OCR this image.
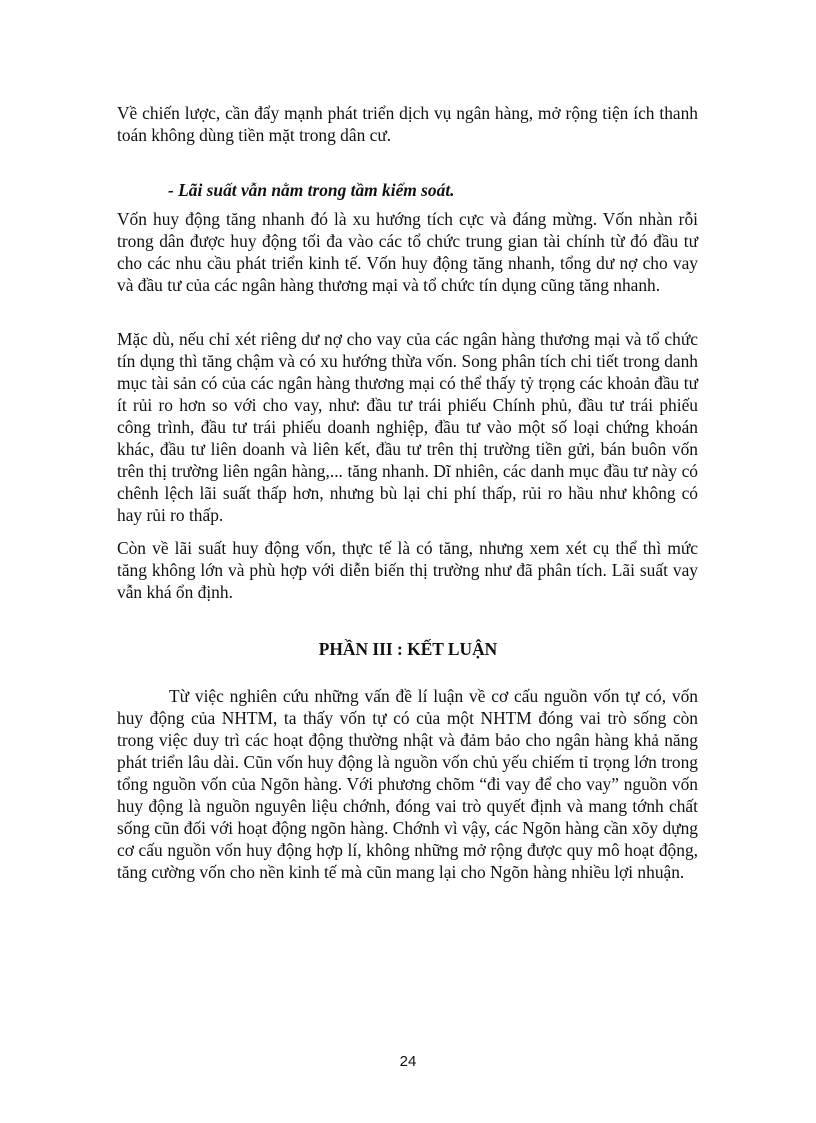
Về chiến lược, cần đẩy mạnh phát triển dịch vụ ngân hàng, mở rộng tiện ích thanh toán không dùng tiền mặt trong dân cư.

- Lãi suất vẫn nằm trong tầm kiểm soát.

Vốn huy động tăng nhanh đó là xu hướng tích cực và đáng mừng. Vốn nhàn rỗi trong dân được huy động tối đa vào các tổ chức trung gian tài chính từ đó đầu tư cho các nhu cầu phát triển kinh tế. Vốn huy động tăng nhanh, tổng dư nợ cho vay và đầu tư của các ngân hàng thương mại và tổ chức tín dụng cũng tăng nhanh.

Mặc dù, nếu chỉ xét riêng dư nợ cho vay của các ngân hàng thương mại và tổ chức tín dụng thì tăng chậm và có xu hướng thừa vốn. Song phân tích chi tiết trong danh mục tài sản có của các ngân hàng thương mại có thể thấy tỷ trọng các khoản đầu tư ít rủi ro hơn so với cho vay, như: đầu tư trái phiếu Chính phủ, đầu tư trái phiếu công trình, đầu tư trái phiếu doanh nghiệp, đầu tư vào một số loại chứng khoán khác, đầu tư liên doanh và liên kết, đầu tư trên thị trường tiền gửi, bán buôn vốn trên thị trường liên ngân hàng,... tăng nhanh. Dĩ nhiên, các danh mục đầu tư này có chênh lệch lãi suất thấp hơn, nhưng bù lại chi phí thấp, rủi ro hầu như không có hay rủi ro thấp.

Còn về lãi suất huy động vốn, thực tế là có tăng, nhưng xem xét cụ thể thì mức tăng không lớn và phù hợp với diễn biến thị trường như đã phân tích. Lãi suất vay vẫn khá ổn định.

PHẦN III : KẾT LUẬN

Từ việc nghiên cứu những vấn đề lí luận về cơ cấu nguồn vốn tự có, vốn huy động của NHTM, ta thấy vốn tự có của một NHTM đóng vai trò sống còn trong việc duy trì các hoạt động thường nhật và đảm bảo cho ngân hàng khả năng phát triển lâu dài. Cũn vốn huy động là nguồn vốn chủ yếu chiếm tỉ trọng lớn trong tổng nguồn vốn của Ngõn hàng. Với phương chõm “đi vay để cho vay” nguồn vốn huy động là nguồn nguyên liệu chớnh, đóng vai trò quyết định và mang tớnh chất sống cũn đối với hoạt động ngõn hàng. Chớnh vì vậy, các Ngõn hàng cần xõy dựng cơ cấu nguồn vốn huy động hợp lí, không những mở rộng được quy mô hoạt động, tăng cường vốn cho nền kinh tế mà cũn mang lại cho Ngõn hàng nhiều lợi nhuận.

24
